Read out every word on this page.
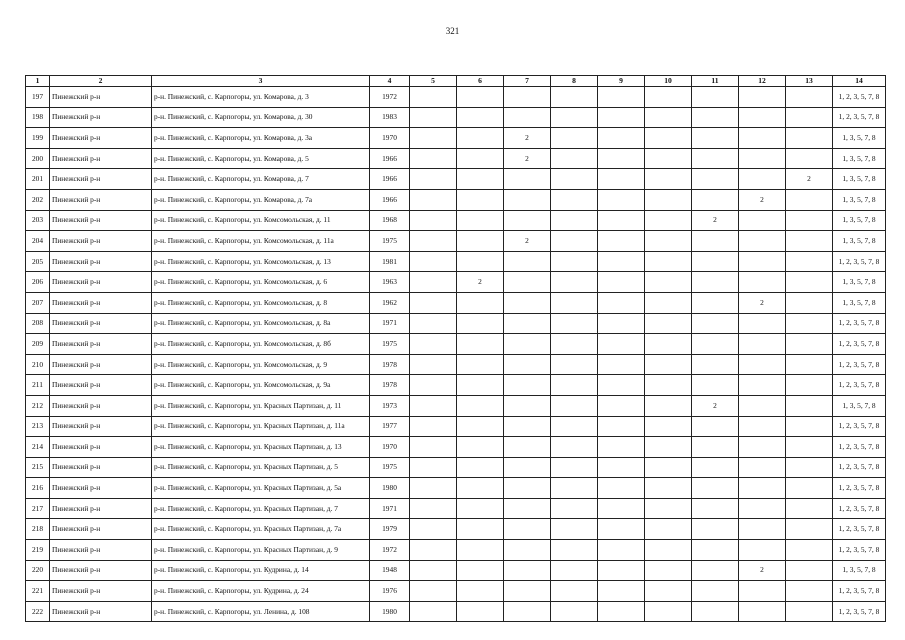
321
1	2	3	4	5	6	7	8	9	10	11	12	13	14
197	Пинежский р-н	р-н. Пинежский, с. Карпогоры, ул. Комарова, д. 3	1972										1, 2, 3, 5, 7, 8
198	Пинежский р-н	р-н. Пинежский, с. Карпогоры, ул. Комарова, д. 30	1983										1, 2, 3, 5, 7, 8
199	Пинежский р-н	р-н. Пинежский, с. Карпогоры, ул. Комарова, д. 3а	1970			2							1, 3, 5, 7, 8
200	Пинежский р-н	р-н. Пинежский, с. Карпогоры, ул. Комарова, д. 5	1966			2							1, 3, 5, 7, 8
201	Пинежский р-н	р-н. Пинежский, с. Карпогоры, ул. Комарова, д. 7	1966									2	1, 3, 5, 7, 8
202	Пинежский р-н	р-н. Пинежский, с. Карпогоры, ул. Комарова, д. 7а	1966								2		1, 3, 5, 7, 8
203	Пинежский р-н	р-н. Пинежский, с. Карпогоры, ул. Комсомольская, д. 11	1968							2			1, 3, 5, 7, 8
204	Пинежский р-н	р-н. Пинежский, с. Карпогоры, ул. Комсомольская, д. 11а	1975			2							1, 3, 5, 7, 8
205	Пинежский р-н	р-н. Пинежский, с. Карпогоры, ул. Комсомольская, д. 13	1981										1, 2, 3, 5, 7, 8
206	Пинежский р-н	р-н. Пинежский, с. Карпогоры, ул. Комсомольская, д. 6	1963		2								1, 3, 5, 7, 8
207	Пинежский р-н	р-н. Пинежский, с. Карпогоры, ул. Комсомольская, д. 8	1962								2		1, 3, 5, 7, 8
208	Пинежский р-н	р-н. Пинежский, с. Карпогоры, ул. Комсомольская, д. 8а	1971										1, 2, 3, 5, 7, 8
209	Пинежский р-н	р-н. Пинежский, с. Карпогоры, ул. Комсомольская, д. 8б	1975										1, 2, 3, 5, 7, 8
210	Пинежский р-н	р-н. Пинежский, с. Карпогоры, ул. Комсомольская, д. 9	1978										1, 2, 3, 5, 7, 8
211	Пинежский р-н	р-н. Пинежский, с. Карпогоры, ул. Комсомольская, д. 9а	1978										1, 2, 3, 5, 7, 8
212	Пинежский р-н	р-н. Пинежский, с. Карпогоры, ул. Красных Партизан, д. 11	1973							2			1, 3, 5, 7, 8
213	Пинежский р-н	р-н. Пинежский, с. Карпогоры, ул. Красных Партизан, д. 11а	1977										1, 2, 3, 5, 7, 8
214	Пинежский р-н	р-н. Пинежский, с. Карпогоры, ул. Красных Партизан, д. 13	1970										1, 2, 3, 5, 7, 8
215	Пинежский р-н	р-н. Пинежский, с. Карпогоры, ул. Красных Партизан, д. 5	1975										1, 2, 3, 5, 7, 8
216	Пинежский р-н	р-н. Пинежский, с. Карпогоры, ул. Красных Партизан, д. 5а	1980										1, 2, 3, 5, 7, 8
217	Пинежский р-н	р-н. Пинежский, с. Карпогоры, ул. Красных Партизан, д. 7	1971										1, 2, 3, 5, 7, 8
218	Пинежский р-н	р-н. Пинежский, с. Карпогоры, ул. Красных Партизан, д. 7а	1979										1, 2, 3, 5, 7, 8
219	Пинежский р-н	р-н. Пинежский, с. Карпогоры, ул. Красных Партизан, д. 9	1972										1, 2, 3, 5, 7, 8
220	Пинежский р-н	р-н. Пинежский, с. Карпогоры, ул. Кудрина, д. 14	1948								2		1, 3, 5, 7, 8
221	Пинежский р-н	р-н. Пинежский, с. Карпогоры, ул. Кудрина, д. 24	1976										1, 2, 3, 5, 7, 8
222	Пинежский р-н	р-н. Пинежский, с. Карпогоры, ул. Ленина, д. 108	1980										1, 2, 3, 5, 7, 8
